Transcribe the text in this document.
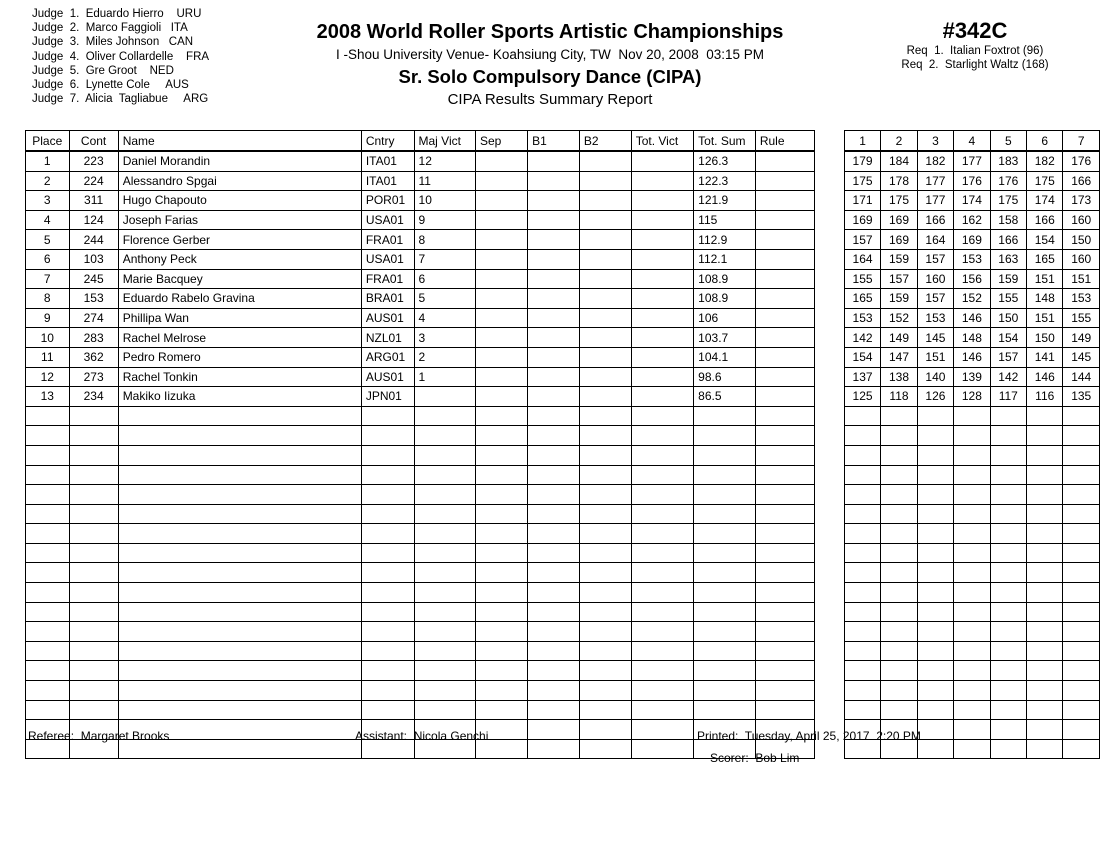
Judge  1.  Eduardo Hierro    URU
Judge  2.  Marco Faggioli   ITA
Judge  3.  Miles Johnson   CAN
Judge  4.  Oliver Collardelle    FRA
Judge  5.  Gre Groot    NED
Judge  6.  Lynette Cole     AUS
Judge  7.  Alicia  Tagliabue     ARG
2008 World Roller Sports Artistic Championships
I -Shou University Venue- Koahsiung City, TW  Nov 20, 2008  03:15 PM
Sr. Solo Compulsory Dance (CIPA)
CIPA Results Summary Report
#342C
Req  1.  Italian Foxtrot (96)
Req  2.  Starlight Waltz (168)
Place	Cont	Name	Cntry	Maj Vict	Sep	B1	B2	Tot. Vict	Tot. Sum	Rule		1	2	3	4	5	6	7
1	223	Daniel Morandin	ITA01	12					126.3			179	184	182	177	183	182	176
2	224	Alessandro Spgai	ITA01	11					122.3			175	178	177	176	176	175	166
3	311	Hugo Chapouto	POR01	10					121.9			171	175	177	174	175	174	173
4	124	Joseph Farias	USA01	9					115			169	169	166	162	158	166	160
5	244	Florence Gerber	FRA01	8					112.9			157	169	164	169	166	154	150
6	103	Anthony Peck	USA01	7					112.1			164	159	157	153	163	165	160
7	245	Marie Bacquey	FRA01	6					108.9			155	157	160	156	159	151	151
8	153	Eduardo Rabelo Gravina	BRA01	5					108.9			165	159	157	152	155	148	153
9	274	Phillipa Wan	AUS01	4					106			153	152	153	146	150	151	155
10	283	Rachel Melrose	NZL01	3					103.7			142	149	145	148	154	150	149
11	362	Pedro Romero	ARG01	2					104.1			154	147	151	146	157	141	145
12	273	Rachel Tonkin	AUS01	1					98.6			137	138	140	139	142	146	144
13	234	Makiko Iizuka	JPN01						86.5			125	118	126	128	117	116	135

Referee:  Margaret Brooks	Assistant:  Nicola Genchi	Printed:  Tuesday, April 25, 2017  2:20 PM
Scorer:  Bob Lim
